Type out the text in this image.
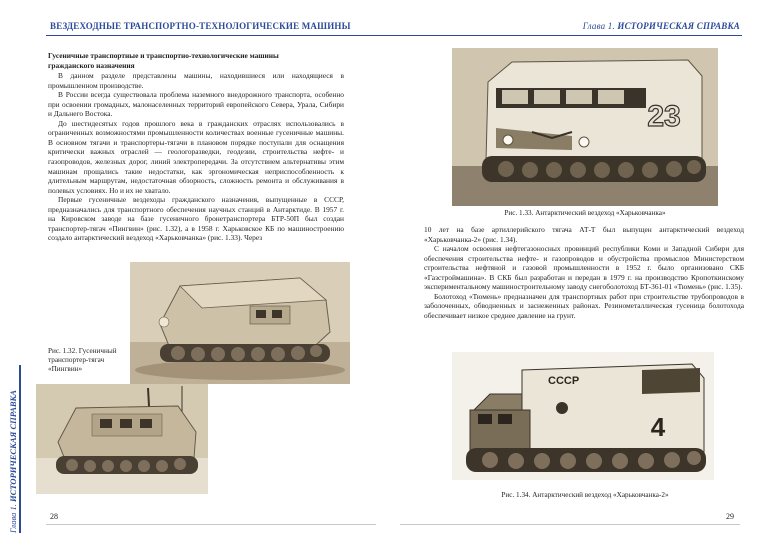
ВЕЗДЕХОДНЫЕ ТРАНСПОРТНО-ТЕХНОЛОГИЧЕСКИЕ МАШИНЫ

Гусеничные транспортные и транспортно-технологические машины

гражданского назначения

В данном разделе представлены машины, находившиеся или находящиеся в промышленном производстве.

В России всегда существовала проблема наземного внедорожного транспорта, особенно при освоении громадных, малонаселенных территорий европейского Севера, Урала, Сибири и Дальнего Востока.

До шестидесятых годов прошлого века в гражданских отраслях использовались в ограниченных возможностями промышленности количествах военные гусеничные машины. В основном тягачи и транспортеры-тягачи в плановом порядке поступали для оснащения критически важных отраслей — геологоразведки, геодезии, строительства нефте- и газопроводов, железных дорог, линий электропередачи. За отсутствием альтернативы этим машинам прощались такие недостатки, как эргономическая неприспособленность к длительным маршрутам, недостаточная обзорность, сложность ремонта и обслуживания в полевых условиях. Но и их не хватало.

Первые гусеничные вездеходы гражданского назначения, выпущенные в СССР, предназначались для транспортного обеспечения научных станций в Антарктиде. В 1957 г. на Кировском заводе на базе гусеничного бронетранспортера БТР-50П был создан транспортер-тягач «Пингвин» (рис. 1.32), а в 1958 г. Харьковское КБ по машиностроению создало антарктический вездеход «Харьковчанка» (рис. 1.33). Через

Рис. 1.32. Гусеничный транспортер-тягач «Пингвин»
Глава 1. ИСТОРИЧЕСКАЯ СПРАВКА
28
Глава 1. ИСТОРИЧЕСКАЯ СПРАВКА
23
Рис. 1.33. Антарктический вездеход «Харьковчанка»

10 лет на базе артиллерийского тягача АТ-Т был выпущен антарктический вездеход «Харьковчанка-2» (рис. 1.34).

С началом освоения нефтегазоносных провинций республики Коми и Западной Сибири для обеспечения строительства нефте- и газопроводов и обустройства промыслов Министерством строительства нефтяной и газовой промышленности в 1952 г. было организовано СКБ «Газстроймашина». В СКБ был разработан и передан в 1979 г. на производство Кропоткинскому экспериментальному машиностроительному заводу снегоболотоход БТ-361-01 «Тюмень» (рис. 1.35).

Болотоход «Тюмень» предназначен для транспортных работ при строительстве трубопроводов в заболоченных, обводненных и заснеженных районах. Резинометаллическая гусеница болотохода обеспечивает низкое среднее давление на грунт.

СССР
4
Рис. 1.34. Антарктический вездеход «Харьковчанка-2»
29
